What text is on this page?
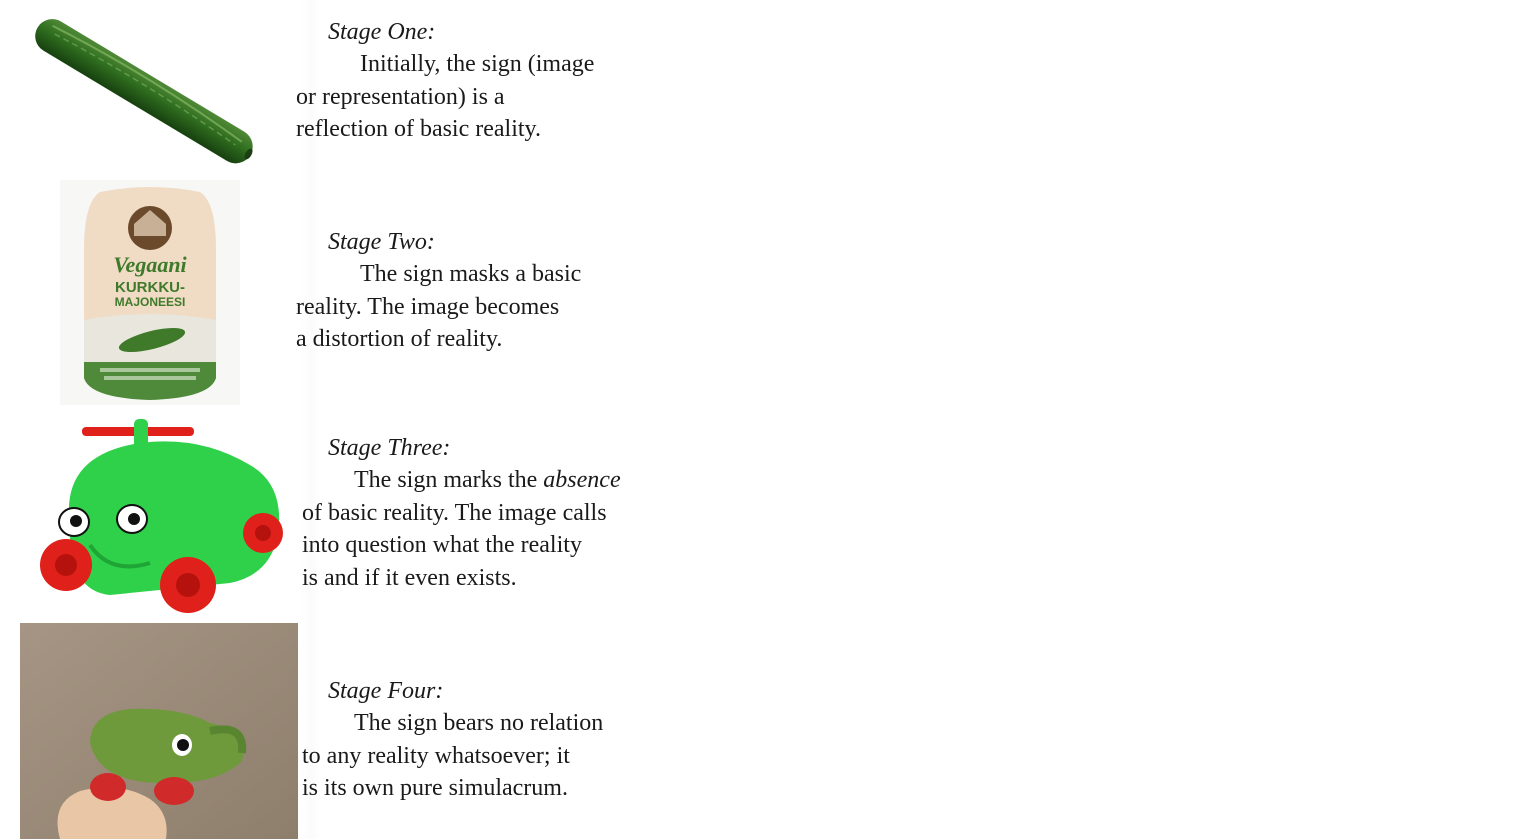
Vegaani
KURKKU-
MAJONEESI

Stage One:

Initially, the sign (image
or representation) is a
reflection of basic reality.

Stage Two:

The sign masks a basic
reality. The image becomes
a distortion of reality.

Stage Three:

The sign marks the absence
of basic reality. The image calls
into question what the reality
is and if it even exists.

Stage Four:

The sign bears no relation
to any reality whatsoever; it
is its own pure simulacrum.
